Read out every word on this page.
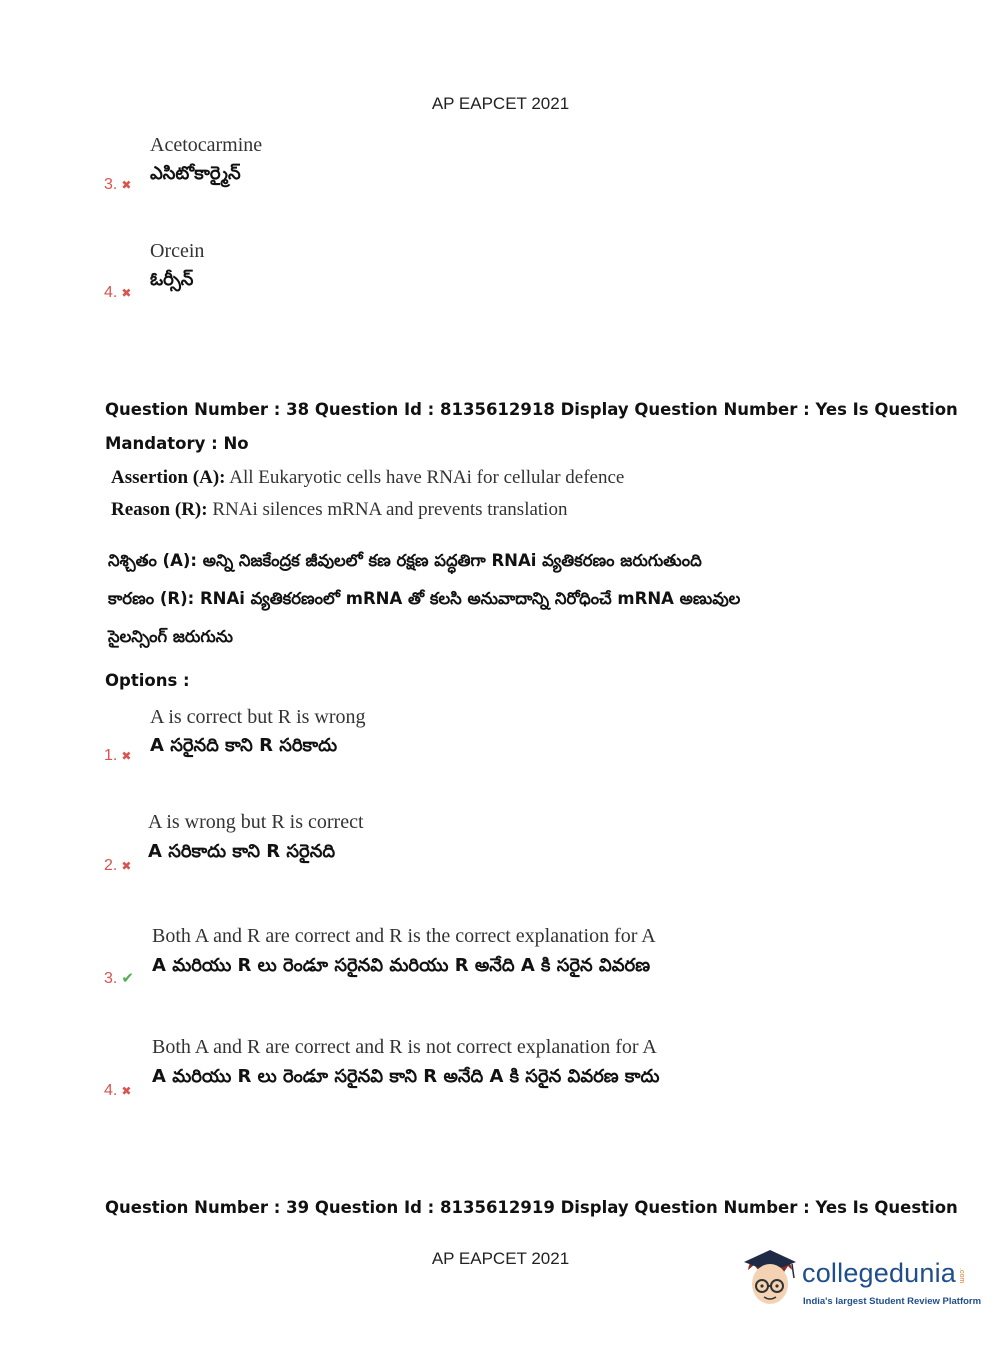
AP EAPCET 2021
3. ✖
Acetocarmine
ఎసిటోకార్మైన్
4. ✖
Orcein
ఓర్సీన్
Question Number : 38 Question Id : 8135612918 Display Question Number : Yes Is Question
Mandatory : No
Assertion (A): All Eukaryotic cells have RNAi for cellular defence
Reason (R): RNAi silences mRNA and prevents translation
నిశ్చితం (A): అన్ని నిజకేంద్రక జీవులలో కణ రక్షణ పద్ధతిగా RNAi వ్యతికరణం జరుగుతుంది
కారణం (R): RNAi వ్యతికరణంలో mRNA తో కలసి అనువాదాన్ని నిరోధించే mRNA అణువుల
సైలన్సింగ్ జరుగును
Options :
1. ✖
A is correct but R is wrong
A సరైనది కాని R సరికాదు
2. ✖
A is wrong but R is correct
A సరికాదు కాని R సరైనది
3. ✔
Both A and R are correct and R is the correct explanation for A
A మరియు R లు రెండూ సరైనవి మరియు R అనేది A కి సరైన వివరణ
4. ✖
Both A and R are correct and R is not correct explanation for A
A మరియు R లు రెండూ సరైనవి కాని R అనేది A కి సరైన వివరణ కాదు
Question Number : 39 Question Id : 8135612919 Display Question Number : Yes Is Question
AP EAPCET 2021	collegedunia .com
India's largest Student Review Platform
